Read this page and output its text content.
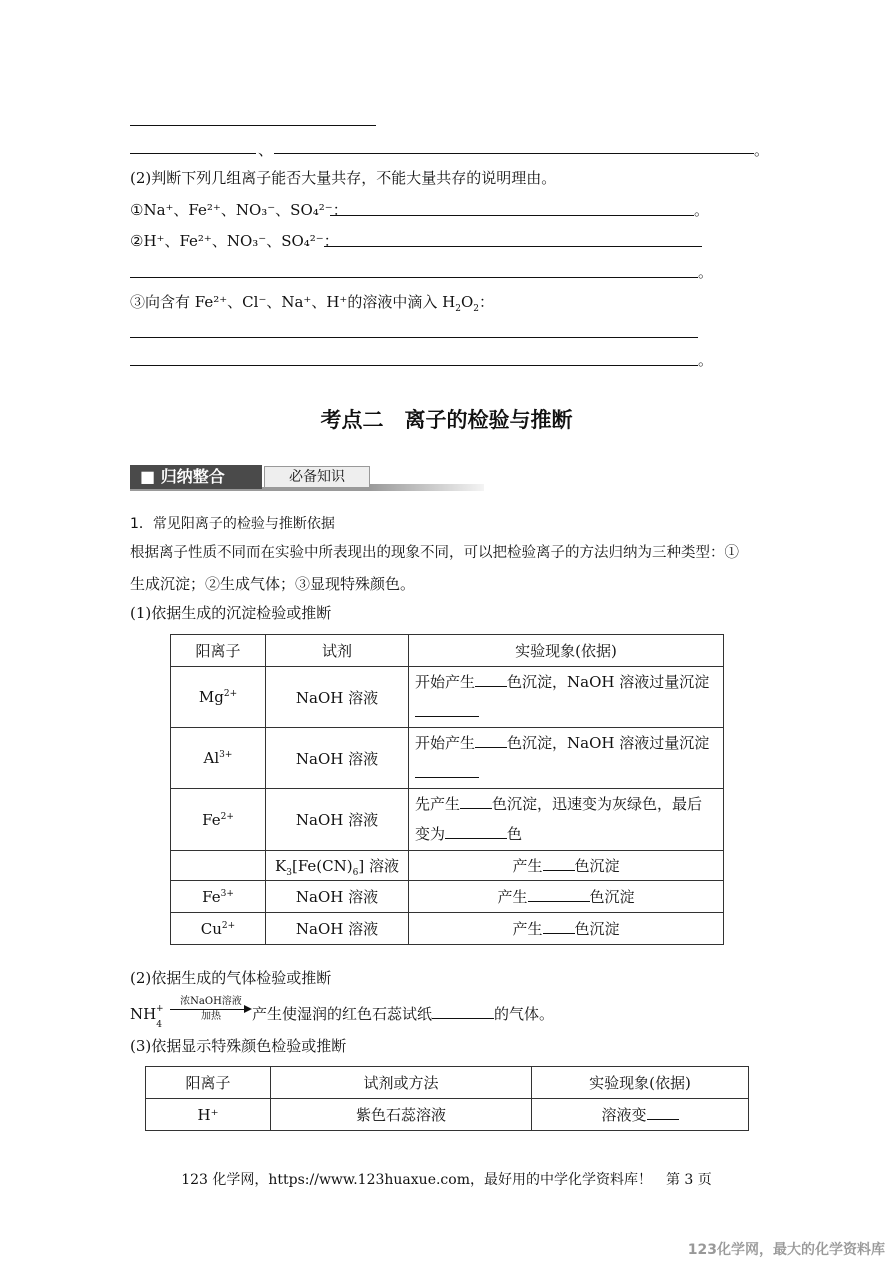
、	。
(2)判断下列几组离子能否大量共存，不能大量共存的说明理由。
①Na⁺、Fe²⁺、NO₃⁻、SO₄²⁻：	。
②H⁺、Fe²⁺、NO₃⁻、SO₄²⁻：
。
③向含有 Fe²⁺、Cl⁻、Na⁺、H⁺的溶液中滴入 $H_2O_2$：
。
考点二　离子的检验与推断
■ 归纳整合	必备知识
1．常见阳离子的检验与推断依据
根据离子性质不同而在实验中所表现出的现象不同，可以把检验离子的方法归纳为三种类型：①
生成沉淀；②生成气体；③显现特殊颜色。
(1)依据生成的沉淀检验或推断
阳离子	试剂	实验现象(依据)
$Mg^{2+}$	NaOH 溶液	开始产生 色沉淀，NaOH 溶液过量沉淀

$Al^{3+}$	NaOH 溶液	开始产生 色沉淀，NaOH 溶液过量沉淀

$Fe^{2+}$	NaOH 溶液	先产生 色沉淀，迅速变为灰绿色，最后
变为 色
	$K_3[Fe(CN)_6]$ 溶液	产生 色沉淀
$Fe^{3+}$	NaOH 溶液	产生 色沉淀
$Cu^{2+}$	NaOH 溶液	产生 色沉淀
(2)依据生成的气体检验或推断
$NH_4^+$
浓NaOH溶液
加热	产生使湿润的红色石蕊试纸	的气体。
(3)依据显示特殊颜色检验或推断
阳离子	试剂或方法	实验现象(依据)
H⁺	紫色石蕊溶液	溶液变
123 化学网，https://www.123huaxue.com，最好用的中学化学资料库！　第 3 页
123化学网，最大的化学资料库
